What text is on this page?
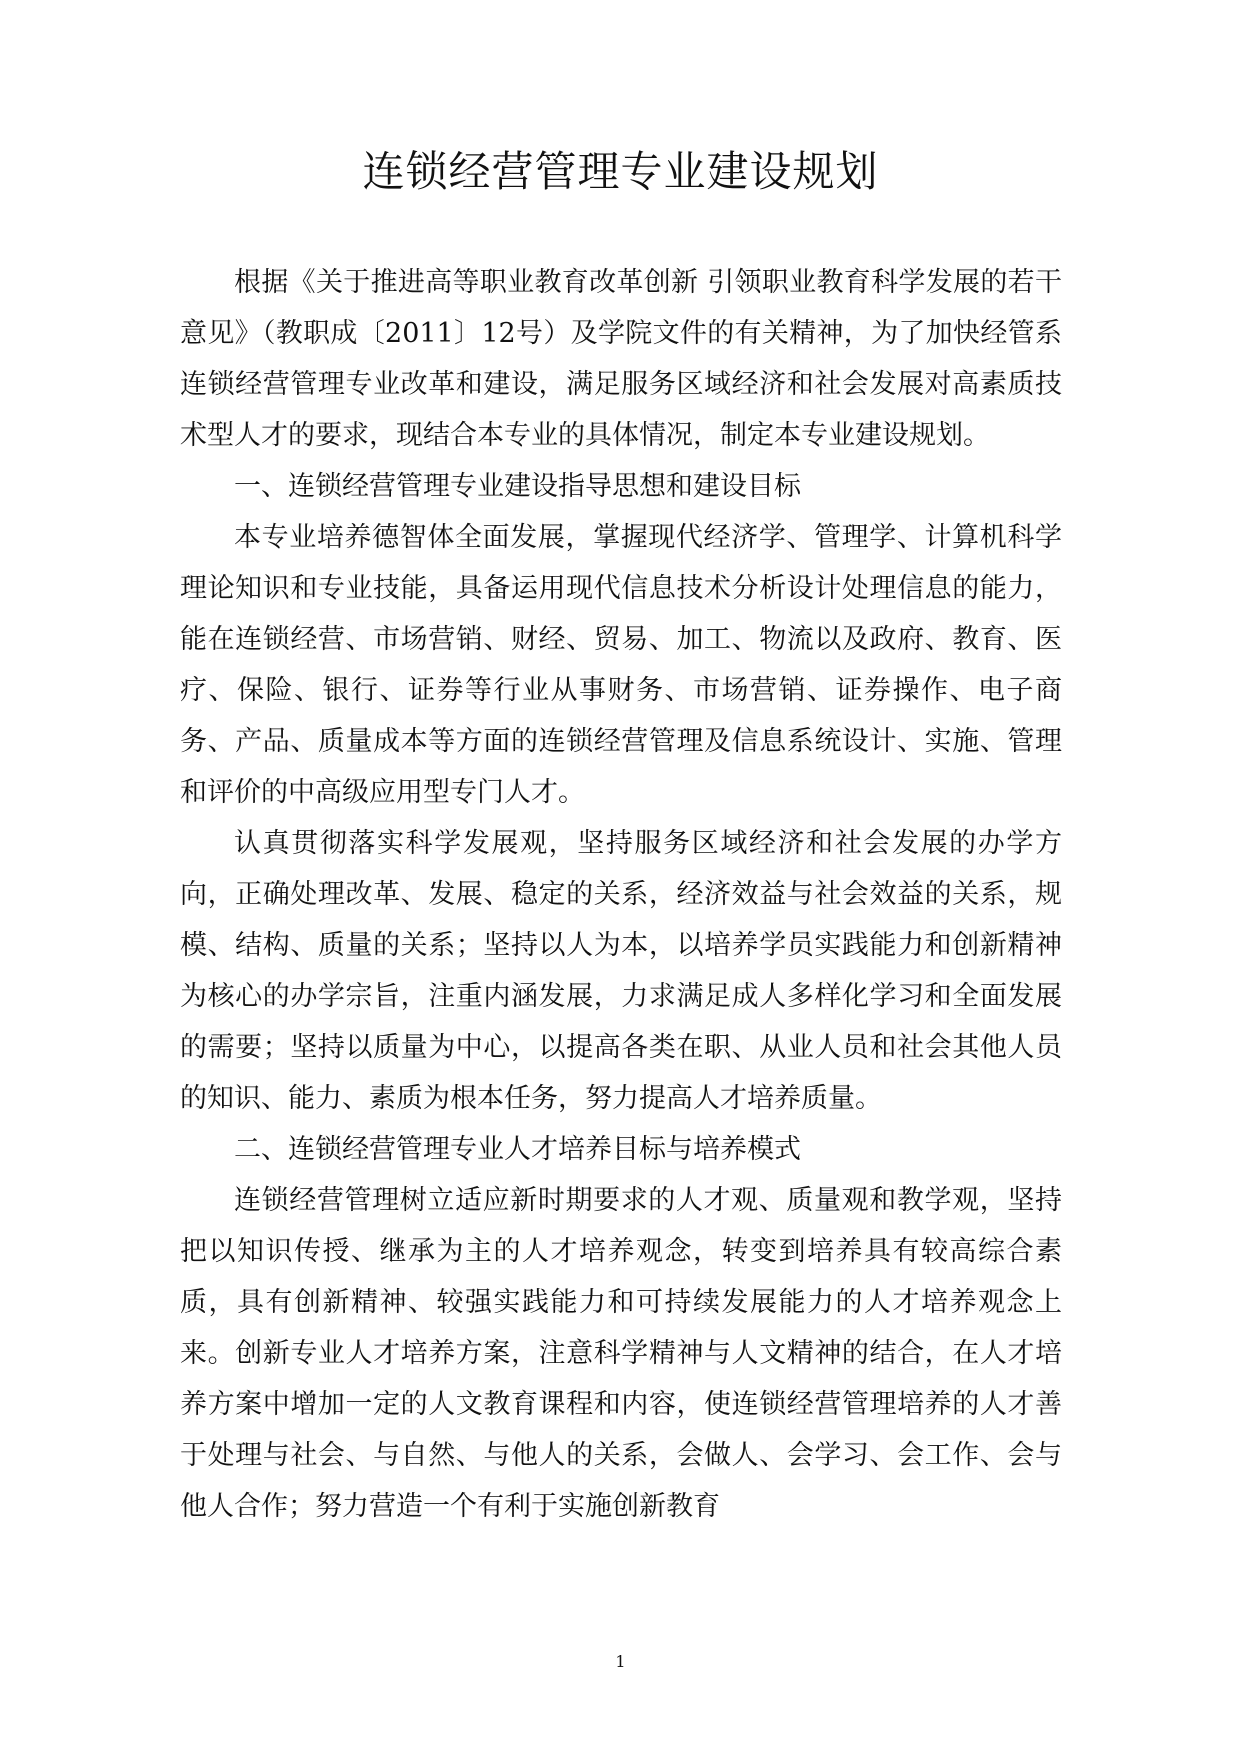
连锁经营管理专业建设规划

根据《关于推进高等职业教育改革创新 引领职业教育科学发展的若干意见》（教职成〔2011〕12号）及学院文件的有关精神，为了加快经管系连锁经营管理专业改革和建设，满足服务区域经济和社会发展对高素质技术型人才的要求，现结合本专业的具体情况，制定本专业建设规划。

一、连锁经营管理专业建设指导思想和建设目标

本专业培养德智体全面发展，掌握现代经济学、管理学、计算机科学理论知识和专业技能，具备运用现代信息技术分析设计处理信息的能力，能在连锁经营、市场营销、财经、贸易、加工、物流以及政府、教育、医疗、保险、银行、证券等行业从事财务、市场营销、证券操作、电子商务、产品、质量成本等方面的连锁经营管理及信息系统设计、实施、管理和评价的中高级应用型专门人才。

认真贯彻落实科学发展观，坚持服务区域经济和社会发展的办学方向，正确处理改革、发展、稳定的关系，经济效益与社会效益的关系，规模、结构、质量的关系；坚持以人为本，以培养学员实践能力和创新精神为核心的办学宗旨，注重内涵发展，力求满足成人多样化学习和全面发展的需要；坚持以质量为中心，以提高各类在职、从业人员和社会其他人员的知识、能力、素质为根本任务，努力提高人才培养质量。

二、连锁经营管理专业人才培养目标与培养模式

连锁经营管理树立适应新时期要求的人才观、质量观和教学观，坚持把以知识传授、继承为主的人才培养观念，转变到培养具有较高综合素质，具有创新精神、较强实践能力和可持续发展能力的人才培养观念上来。创新专业人才培养方案，注意科学精神与人文精神的结合，在人才培养方案中增加一定的人文教育课程和内容，使连锁经营管理培养的人才善于处理与社会、与自然、与他人的关系，会做人、会学习、会工作、会与他人合作；努力营造一个有利于实施创新教育

1
